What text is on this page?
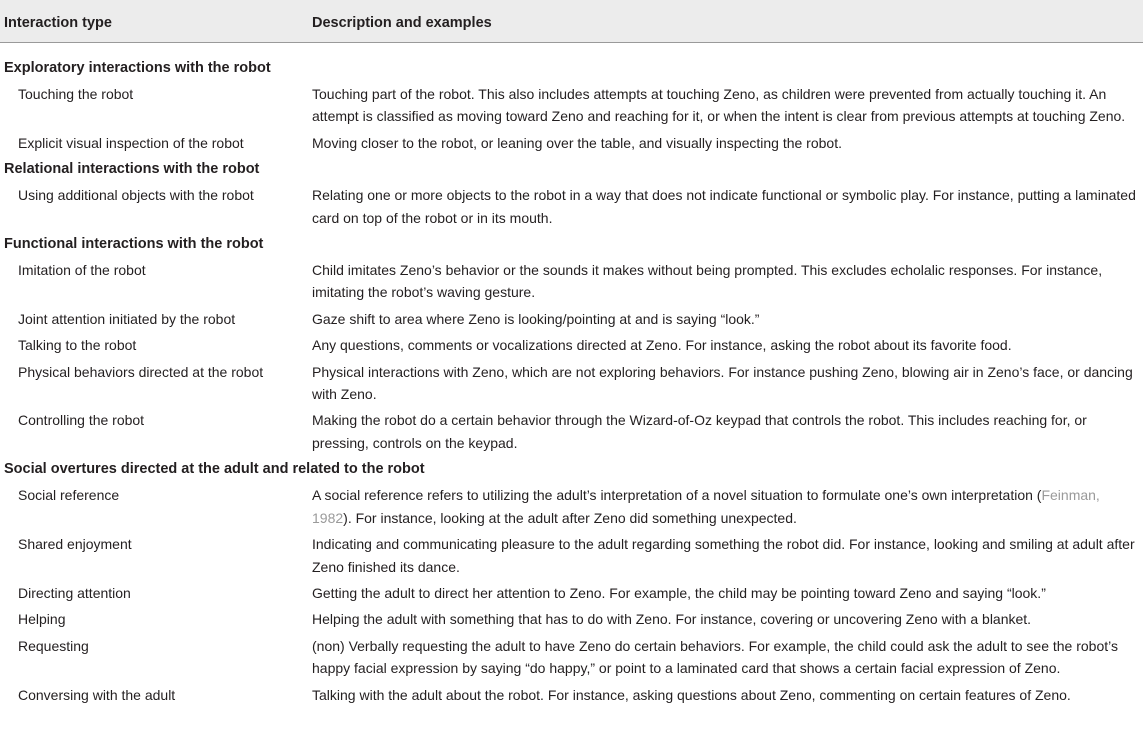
Interaction type	Description and examples
Exploratory interactions with the robot
Touching the robot	Touching part of the robot. This also includes attempts at touching Zeno, as children were prevented from actually touching it. An attempt is classified as moving toward Zeno and reaching for it, or when the intent is clear from previous attempts at touching Zeno.
Explicit visual inspection of the robot	Moving closer to the robot, or leaning over the table, and visually inspecting the robot.
Relational interactions with the robot
Using additional objects with the robot	Relating one or more objects to the robot in a way that does not indicate functional or symbolic play. For instance, putting a laminated card on top of the robot or in its mouth.
Functional interactions with the robot
Imitation of the robot	Child imitates Zeno’s behavior or the sounds it makes without being prompted. This excludes echolalic responses. For instance, imitating the robot’s waving gesture.
Joint attention initiated by the robot	Gaze shift to area where Zeno is looking/pointing at and is saying “look.”
Talking to the robot	Any questions, comments or vocalizations directed at Zeno. For instance, asking the robot about its favorite food.
Physical behaviors directed at the robot	Physical interactions with Zeno, which are not exploring behaviors. For instance pushing Zeno, blowing air in Zeno’s face, or dancing with Zeno.
Controlling the robot	Making the robot do a certain behavior through the Wizard-of-Oz keypad that controls the robot. This includes reaching for, or pressing, controls on the keypad.
Social overtures directed at the adult and related to the robot
Social reference	A social reference refers to utilizing the adult’s interpretation of a novel situation to formulate one’s own interpretation (Feinman, 1982). For instance, looking at the adult after Zeno did something unexpected.
Shared enjoyment	Indicating and communicating pleasure to the adult regarding something the robot did. For instance, looking and smiling at adult after Zeno finished its dance.
Directing attention	Getting the adult to direct her attention to Zeno. For example, the child may be pointing toward Zeno and saying “look.”
Helping	Helping the adult with something that has to do with Zeno. For instance, covering or uncovering Zeno with a blanket.
Requesting	(non) Verbally requesting the adult to have Zeno do certain behaviors. For example, the child could ask the adult to see the robot’s happy facial expression by saying “do happy,” or point to a laminated card that shows a certain facial expression of Zeno.
Conversing with the adult	Talking with the adult about the robot. For instance, asking questions about Zeno, commenting on certain features of Zeno.
